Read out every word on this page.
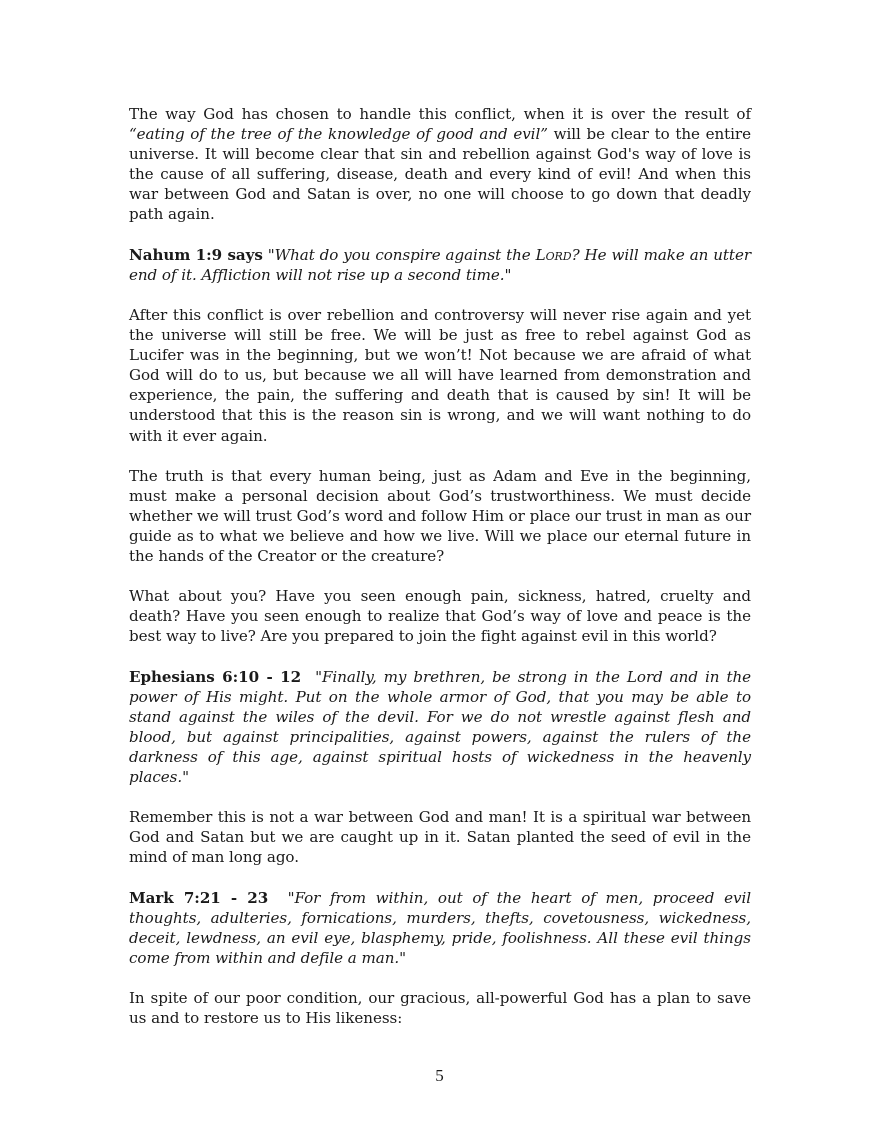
The way God has chosen to handle this conflict, when it is over the result of “eating of the tree of the knowledge of good and evil” will be clear to the entire universe. It will become clear that sin and rebellion against God's way of love is the cause of all suffering, disease, death and every kind of evil! And when this war between God and Satan is over, no one will choose to go down that deadly path again.

Nahum 1:9 says "What do you conspire against the Lord? He will make an utter end of it. Affliction will not rise up a second time."

After this conflict is over rebellion and controversy will never rise again and yet the universe will still be free. We will be just as free to rebel against God as Lucifer was in the beginning, but we won’t! Not because we are afraid of what God will do to us, but because we all will have learned from demonstration and experience, the pain, the suffering and death that is caused by sin! It will be understood that this is the reason sin is wrong, and we will want nothing to do with it ever again.

The truth is that every human being, just as Adam and Eve in the beginning, must make a personal decision about God’s trustworthiness. We must decide whether we will trust God’s word and follow Him or place our trust in man as our guide as to what we believe and how we live. Will we place our eternal future in the hands of the Creator or the creature?

What about you? Have you seen enough pain, sickness, hatred, cruelty and death? Have you seen enough to realize that God’s way of love and peace is the best way to live? Are you prepared to join the fight against evil in this world?

Ephesians 6:10 - 12 "Finally, my brethren, be strong in the Lord and in the power of His might. Put on the whole armor of God, that you may be able to stand against the wiles of the devil. For we do not wrestle against flesh and blood, but against principalities, against powers, against the rulers of the darkness of this age, against spiritual hosts of wickedness in the heavenly places."

Remember this is not a war between God and man! It is a spiritual war between God and Satan but we are caught up in it. Satan planted the seed of evil in the mind of man long ago.

Mark 7:21 - 23 "For from within, out of the heart of men, proceed evil thoughts, adulteries, fornications, murders, thefts, covetousness, wickedness, deceit, lewdness, an evil eye, blasphemy, pride, foolishness. All these evil things come from within and defile a man."

In spite of our poor condition, our gracious, all-powerful God has a plan to save us and to restore us to His likeness:

5
